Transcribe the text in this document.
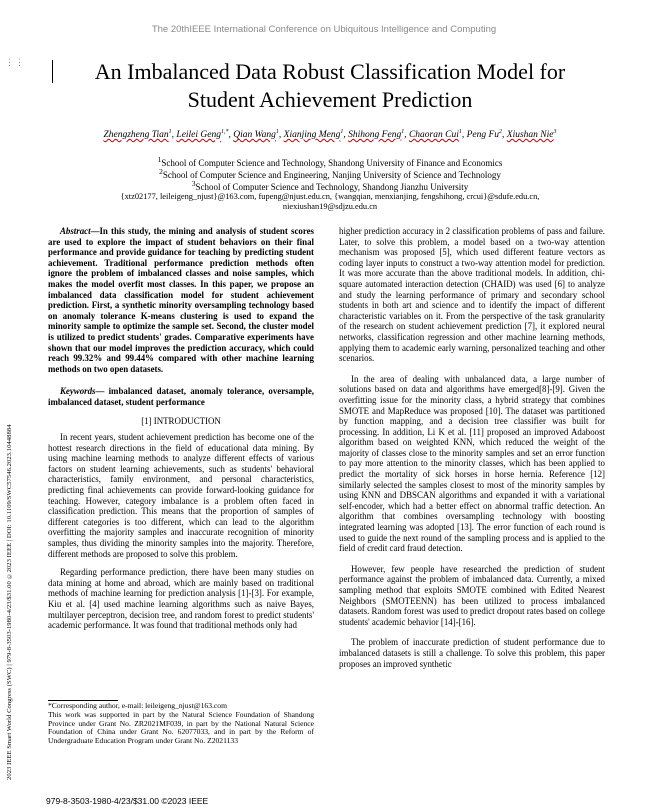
The 20thIEEE International Conference on Ubiquitous Intelligence and Computing
2023 IEEE Smart World Congress (SWC) | 979-8-3503-1980-4/23/$31.00 ©2023 IEEE | DOI: 10.1109/SWC57546.2023.10448884
⋮⋮	An Imbalanced Data Robust Classification Model for
Student Achievement Prediction
Zhengzheng Tian$^1$, Leilei Geng$^{1,*}$, Qian Wang$^1$, Xianjing Meng$^1$, Shihong Feng$^1$, Chaoran Cui$^1$, Peng Fu$^2$, Xiushan Nie$^3$
$^1$School of Computer Science and Technology, Shandong University of Finance and Economics
$^2$School of Computer Science and Engineering, Nanjing University of Science and Technology
$^3$School of Computer Science and Technology, Shandong Jianzhu University
{xtz02177, leileigeng_njust}@163.com, fupeng@njust.edu.cn, {wangqian, menxianjing, fengshihong, crcui}@sdufe.edu.cn,
niexiushan19@sdjzu.edu.cn

Abstract—In this study, the mining and analysis of student scores are used to explore the impact of student behaviors on their final performance and provide guidance for teaching by predicting student achievement. Traditional performance prediction methods often ignore the problem of imbalanced classes and noise samples, which makes the model overfit most classes. In this paper, we propose an imbalanced data classification model for student achievement prediction. First, a synthetic minority oversampling technology based on anomaly tolerance K-means clustering is used to expand the minority sample to optimize the sample set. Second, the cluster model is utilized to predict students' grades. Comparative experiments have shown that our model improves the prediction accuracy, which could reach 99.32% and 99.44% compared with other machine learning methods on two open datasets.

Keywords— imbalanced dataset, anomaly tolerance, oversample, imbalanced dataset, student performance

[1] INTRODUCTION

In recent years, student achievement prediction has become one of the hottest research directions in the field of educational data mining. By using machine learning methods to analyze different effects of various factors on student learning achievements, such as students' behavioral characteristics, family environment, and personal characteristics, predicting final achievements can provide forward-looking guidance for teaching. However, category imbalance is a problem often faced in classification prediction. This means that the proportion of samples of different categories is too different, which can lead to the algorithm overfitting the majority samples and inaccurate recognition of minority samples, thus dividing the minority samples into the majority. Therefore, different methods are proposed to solve this problem.

Regarding performance prediction, there have been many studies on data mining at home and abroad, which are mainly based on traditional methods of machine learning for prediction analysis [1]-[3]. For example, Kiu et al. [4] used machine learning algorithms such as naive Bayes, multilayer perceptron, decision tree, and random forest to predict students' academic performance. It was found that traditional methods only had

*Corresponding author, e-mail: leileigeng_njust@163.com
This work was supported in part by the Natural Science Foundation of Shandong Province under Grant No. ZR2021MF039, in part by the National Natural Science Foundation of China under Grant No. 62077033, and in part by the Reform of Undergraduate Education Program under Grant No. Z2021133

higher prediction accuracy in 2 classification problems of pass and failure. Later, to solve this problem, a model based on a two-way attention mechanism was proposed [5], which used different feature vectors as coding layer inputs to construct a two-way attention model for prediction. It was more accurate than the above traditional models. In addition, chi-square automated interaction detection (CHAID) was used [6] to analyze and study the learning performance of primary and secondary school students in both art and science and to identify the impact of different characteristic variables on it. From the perspective of the task granularity of the research on student achievement prediction [7], it explored neural networks, classification regression and other machine learning methods, applying them to academic early warning, personalized teaching and other scenarios.

In the area of dealing with unbalanced data, a large number of solutions based on data and algorithms have emerged[8]-[9]. Given the overfitting issue for the minority class, a hybrid strategy that combines SMOTE and MapReduce was proposed [10]. The dataset was partitioned by function mapping, and a decision tree classifier was built for processing. In addition, Li K et al. [11] proposed an improved Adaboost algorithm based on weighted KNN, which reduced the weight of the majority of classes close to the minority samples and set an error function to pay more attention to the minority classes, which has been applied to predict the mortality of sick horses in horse hernia. Reference [12] similarly selected the samples closest to most of the minority samples by using KNN and DBSCAN algorithms and expanded it with a variational self-encoder, which had a better effect on abnormal traffic detection. An algorithm that combines oversampling technology with boosting integrated learning was adopted [13]. The error function of each round is used to guide the next round of the sampling process and is applied to the field of credit card fraud detection.

However, few people have researched the prediction of student performance against the problem of imbalanced data. Currently, a mixed sampling method that exploits SMOTE combined with Edited Nearest Neighbors (SMOTEENN) has been utilized to process imbalanced datasets. Random forest was used to predict dropout rates based on college students' academic behavior [14]-[16].

The problem of inaccurate prediction of student performance due to imbalanced datasets is still a challenge. To solve this problem, this paper proposes an improved synthetic

979-8-3503-1980-4/23/$31.00 ©2023 IEEE
